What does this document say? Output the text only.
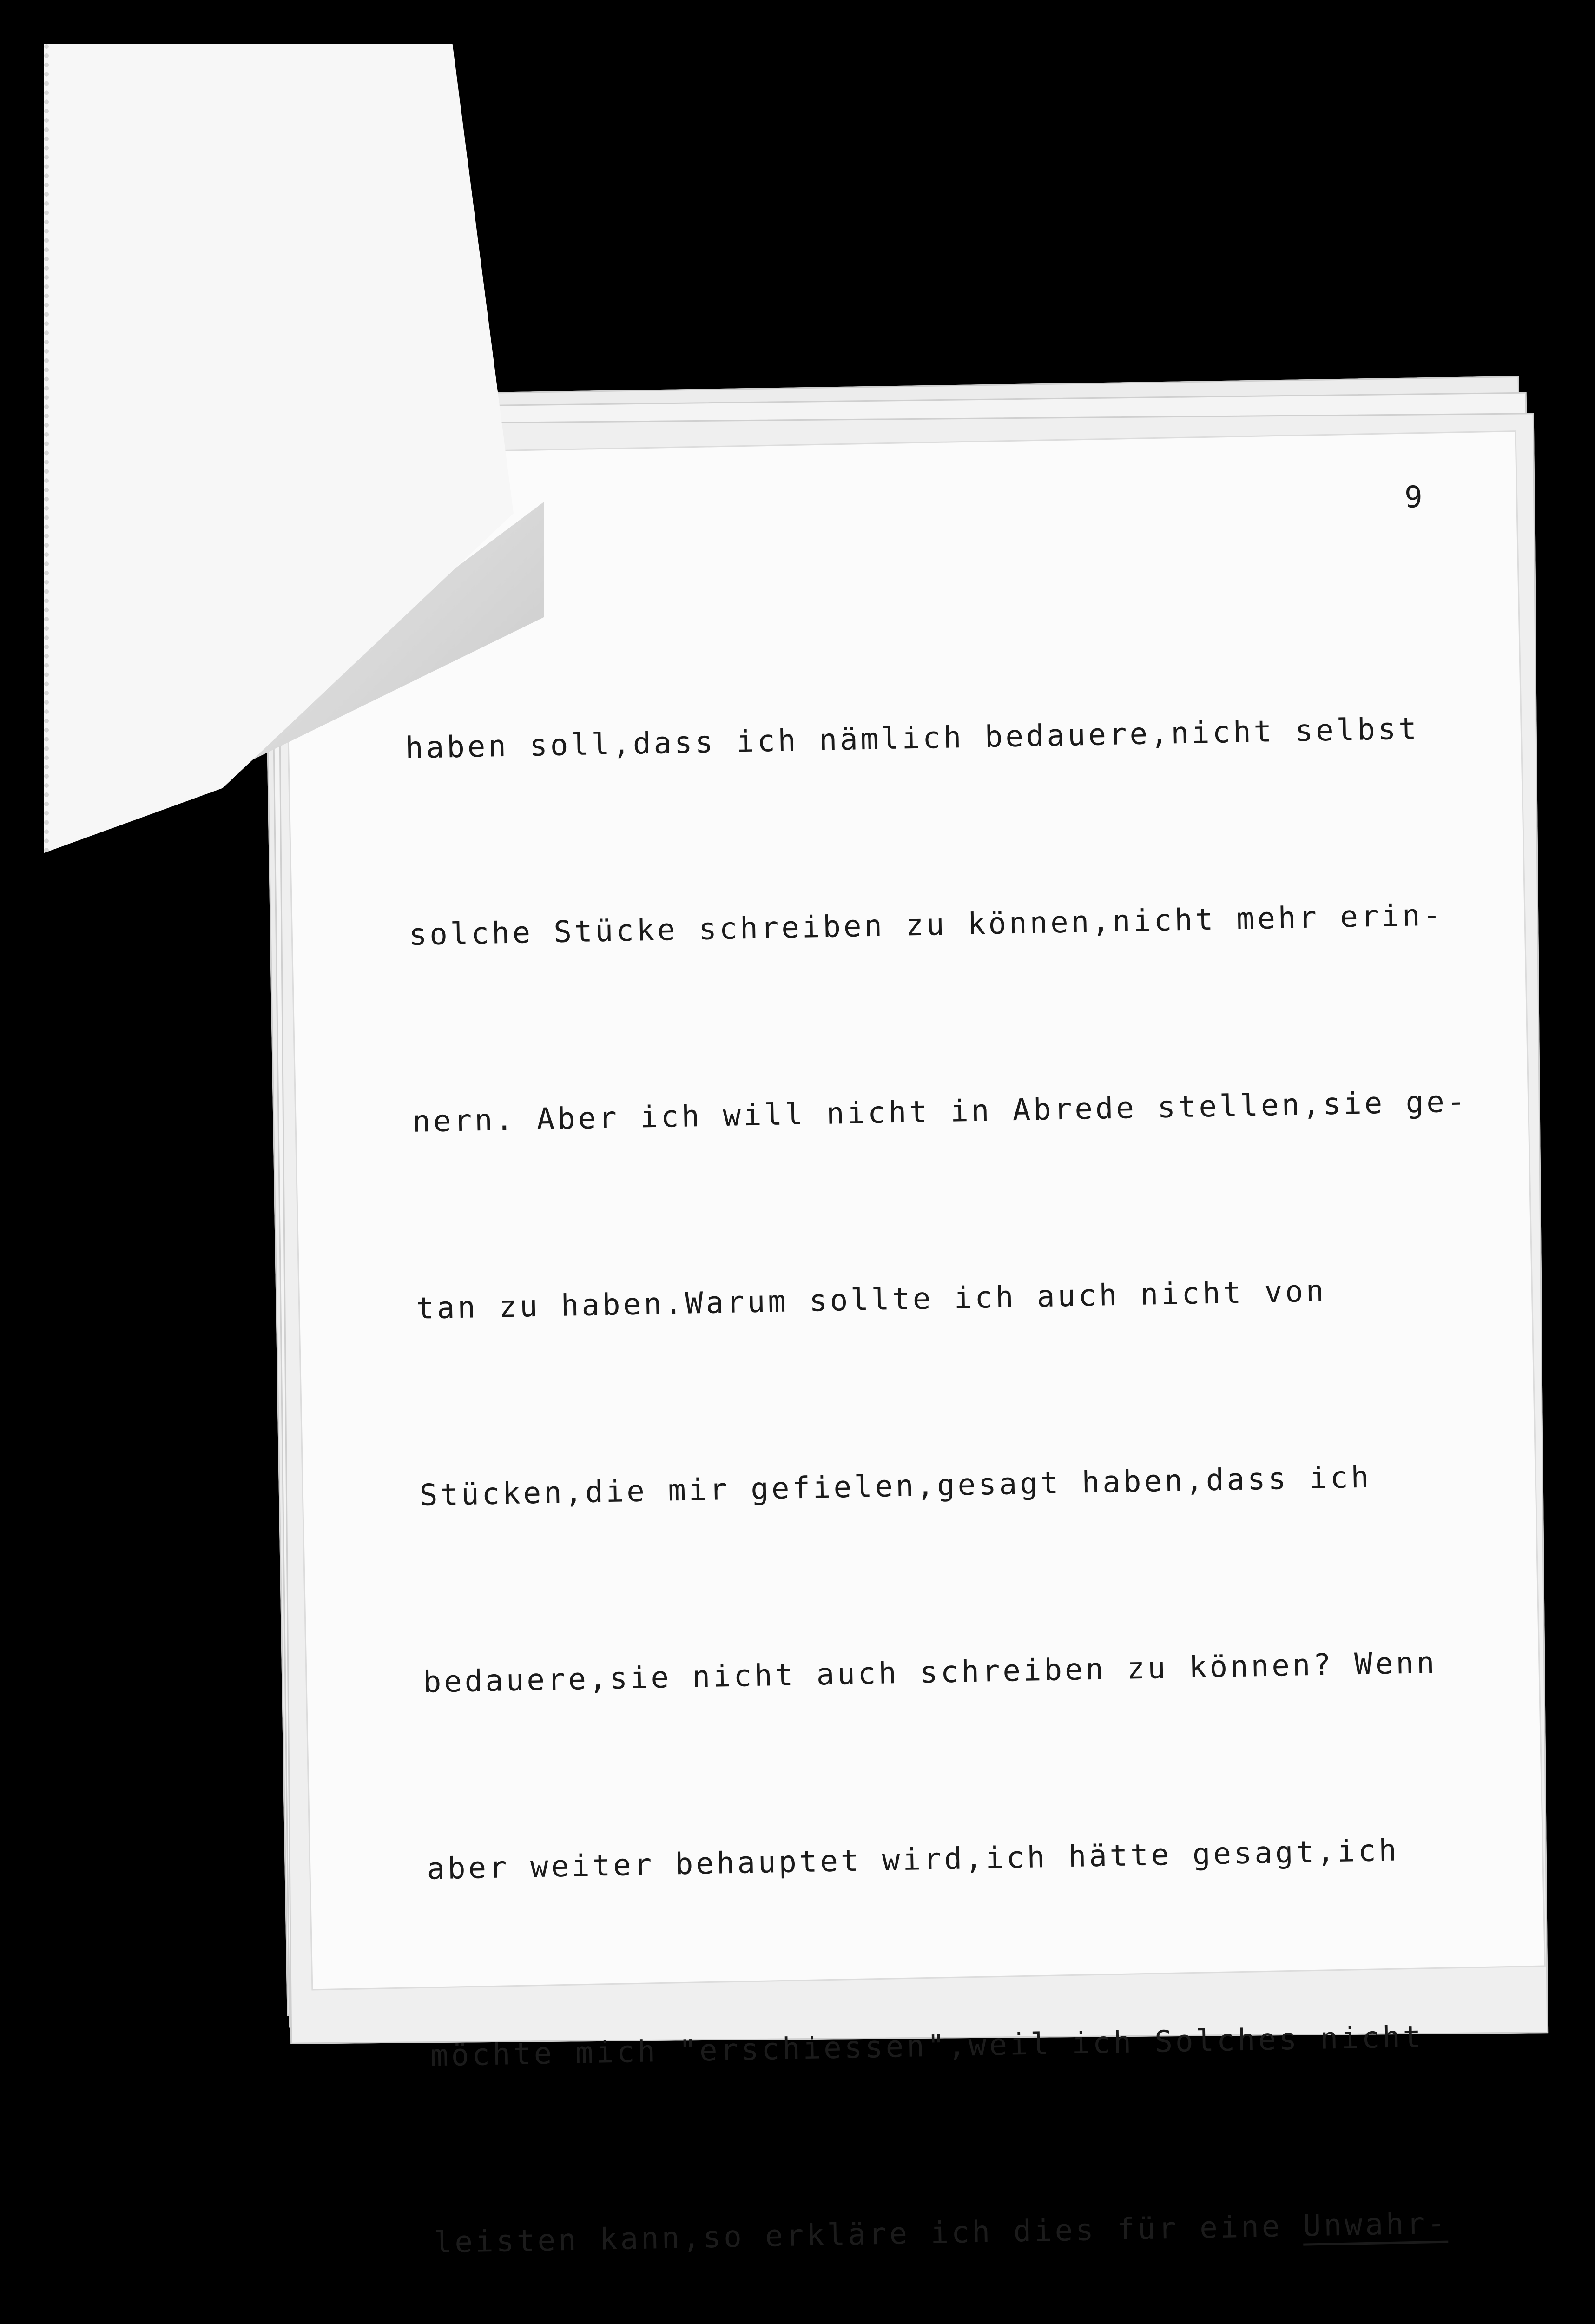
9

haben soll,dass ich nämlich bedauere,nicht selbst

solche Stücke schreiben zu können,nicht mehr erin-

nern. Aber ich will nicht in Abrede stellen,sie ge-

tan zu haben.Warum sollte ich auch nicht von

Stücken,die mir gefielen,gesagt haben,dass ich

bedauere,sie nicht auch schreiben zu können? Wenn

aber weiter behauptet wird,ich hätte gesagt,ich

möchte mich "erschiessen",weil ich Solches nicht

leisten kann,so erkläre ich dies für eine Unwahr-
